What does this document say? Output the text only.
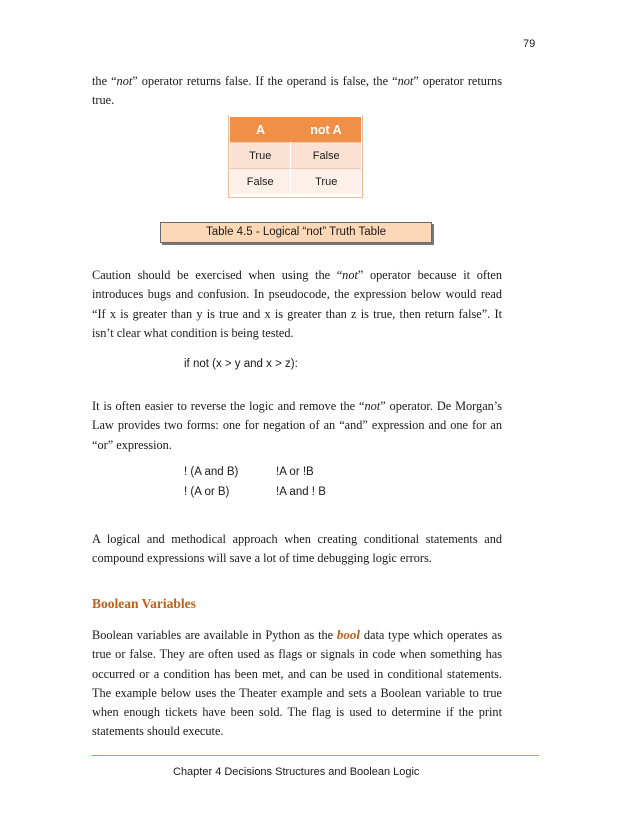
79

the “not” operator returns false. If the operand is false, the “not” operator returns true.

A	not A
True	False
False	True
Table 4.5 - Logical “not” Truth Table

Caution should be exercised when using the “not” operator because it often introduces bugs and confusion. In pseudocode, the expression below would read “If x is greater than y is true and x is greater than z is true, then return false”. It isn’t clear what condition is being tested.

if not (x > y and x > z):

It is often easier to reverse the logic and remove the “not” operator. De Morgan’s Law provides two forms: one for negation of an “and” expression and one for an “or” expression.

! (A and B)	!A or !B
! (A or B)	!A and ! B

A logical and methodical approach when creating conditional statements and compound expressions will save a lot of time debugging logic errors.

Boolean Variables

Boolean variables are available in Python as the bool data type which operates as true or false. They are often used as flags or signals in code when something has occurred or a condition has been met, and can be used in conditional statements. The example below uses the Theater example and sets a Boolean variable to true when enough tickets have been sold. The flag is used to determine if the print statements should execute.

Chapter 4 Decisions Structures and Boolean Logic
